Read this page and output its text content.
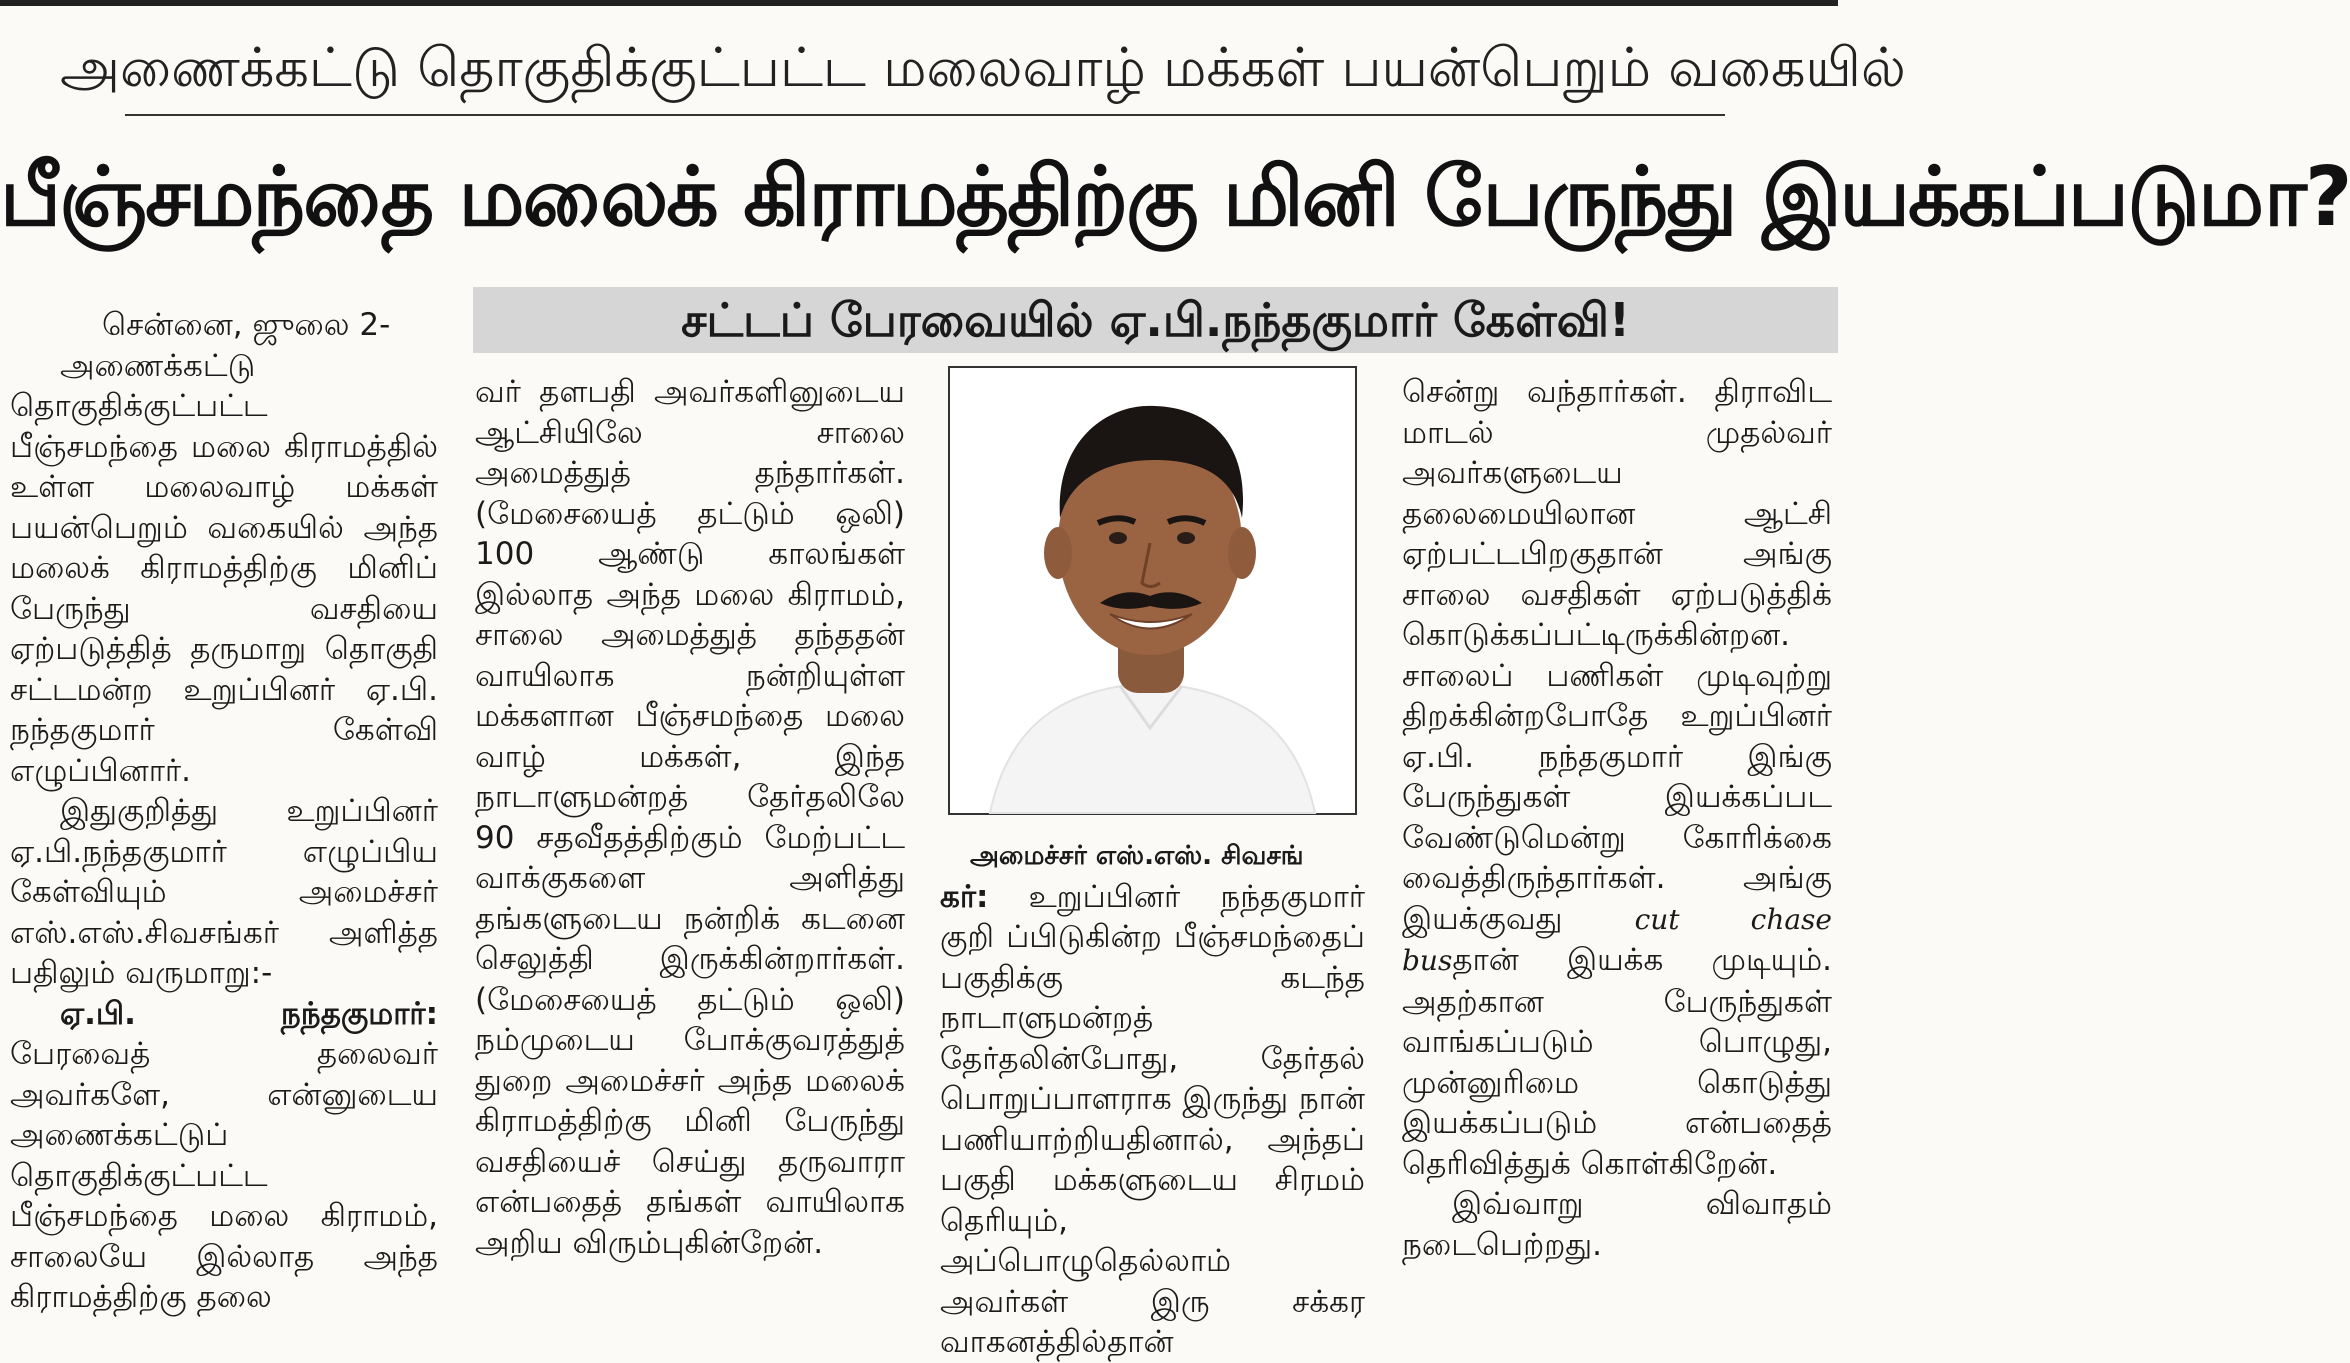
அணைக்கட்டு தொகுதிக்குட்பட்ட மலைவாழ் மக்கள் பயன்பெறும் வகையில்
பீஞ்சமந்தை மலைக் கிராமத்திற்கு மினி பேருந்து இயக்கப்படுமா?
சட்டப் பேரவையில் ஏ.பி.நந்தகுமார் கேள்வி!

சென்னை, ஜுலை 2-

அணைக்கட்டு தொகுதிக்குட்பட்ட பீஞ்சமந்தை மலை கிராமத்தில் உள்ள மலைவாழ் மக்கள் பயன்பெறும் வகையில் அந்த மலைக் கிராமத்திற்கு மினிப் பேருந்து வசதியை ஏற்படுத்தித் தருமாறு தொகுதி சட்டமன்ற உறுப்பினர் ஏ.பி. நந்தகுமார் கேள்வி எழுப்பினார்.

இதுகுறித்து உறுப்பினர் ஏ.பி.நந்தகுமார் எழுப்பிய கேள்வியும் அமைச்சர் எஸ்.எஸ்.சிவசங்கர் அளித்த பதிலும் வருமாறு:-

ஏ.பி. நந்தகுமார்: பேரவைத் தலைவர் அவர்களே, என்னுடைய அணைக்கட்டுப் தொகுதிக்குட்பட்ட பீஞ்சமந்தை மலை கிராமம், சாலையே இல்லாத அந்த கிராமத்திற்கு தலை

வர் தளபதி அவர்களினுடைய ஆட்சியிலே சாலை அமைத்துத் தந்தார்கள். (மேசையைத் தட்டும் ஒலி) 100 ஆண்டு காலங்கள் இல்லாத அந்த மலை கிராமம், சாலை அமைத்துத் தந்ததன் வாயிலாக நன்றியுள்ள மக்களான பீஞ்சமந்தை மலை வாழ் மக்கள், இந்த நாடாளுமன்றத் தேர்தலிலே 90 சதவீதத்திற்கும் மேற்பட்ட வாக்குகளை அளித்து தங்களுடைய நன்றிக் கடனை செலுத்தி இருக்கின்றார்கள். (மேசையைத் தட்டும் ஒலி) நம்முடைய போக்குவரத்துத் துறை அமைச்சர் அந்த மலைக் கிராமத்திற்கு மினி பேருந்து வசதியைச் செய்து தருவாரா என்பதைத் தங்கள் வாயிலாக அறிய விரும்புகின்றேன்.

அமைச்சர் எஸ்.எஸ். சிவசங்

கர்: உறுப்பினர் நந்தகுமார் குறி ப்பிடுகின்ற பீஞ்சமந்தைப் பகுதிக்கு கடந்த நாடாளுமன்றத் தேர்தலின்போது, தேர்தல் பொறுப்பாளராக இருந்து நான் பணியாற்றியதினால், அந்தப் பகுதி மக்களுடைய சிரமம் தெரியும், அப்பொழுதெல்லாம் அவர்கள் இரு சக்கர வாகனத்தில்தான்

சென்று வந்தார்கள். திராவிட மாடல் முதல்வர் அவர்களுடைய தலைமையிலான ஆட்சி ஏற்பட்டபிறகுதான் அங்கு சாலை வசதிகள் ஏற்படுத்திக் கொடுக்கப்பட்டிருக்கின்றன. சாலைப் பணிகள் முடிவுற்று திறக்கின்றபோதே உறுப்பினர் ஏ.பி. நந்தகுமார் இங்கு பேருந்துகள் இயக்கப்பட வேண்டுமென்று கோரிக்கை வைத்திருந்தார்கள். அங்கு இயக்குவது	cut chase busதான் இயக்க முடியும். அதற்கான பேருந்துகள் வாங்கப்படும் பொழுது, முன்னுரிமை கொடுத்து இயக்கப்படும் என்பதைத் தெரிவித்துக் கொள்கிறேன்.

இவ்வாறு விவாதம் நடைபெற்றது.
